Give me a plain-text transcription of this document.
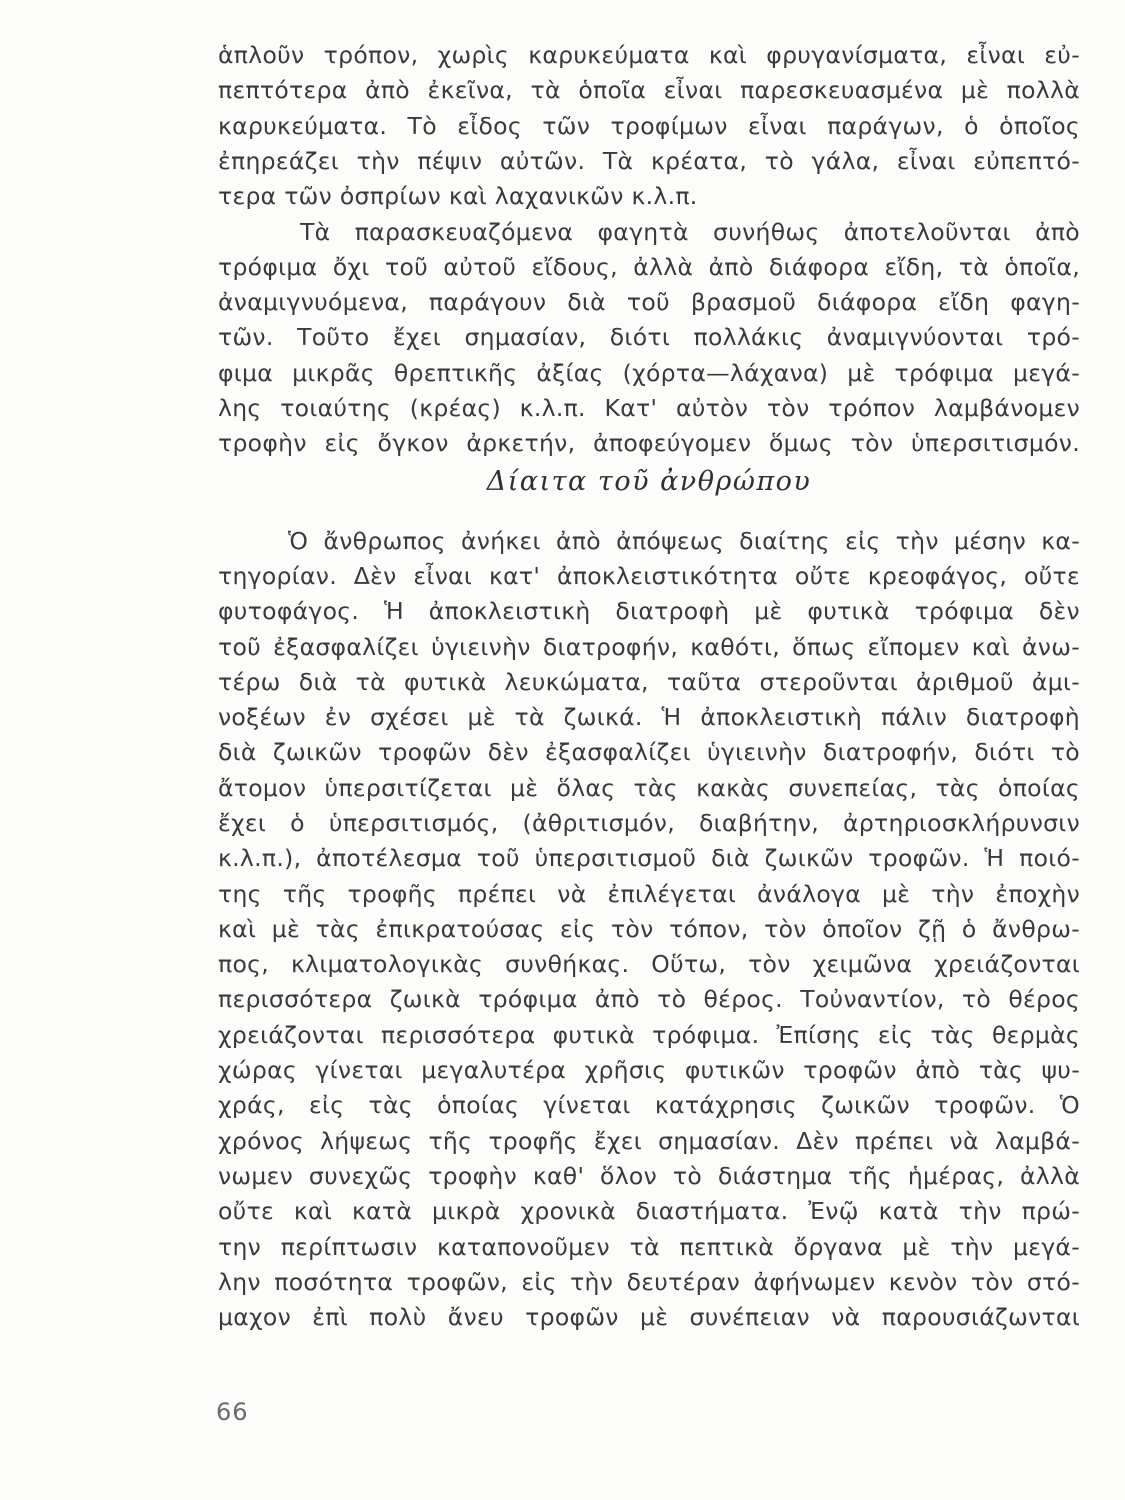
ἁπλοῦν τρόπον, χωρὶς καρυκεύματα καὶ φρυγανίσματα, εἶναι εὐ-
πεπτότερα ἀπὸ ἐκεῖνα, τὰ ὁποῖα εἶναι παρεσκευασμένα μὲ πολλὰ
καρυκεύματα. Τὸ εἶδος τῶν τροφίμων εἶναι παράγων, ὁ ὁποῖος
ἐπηρεάζει τὴν πέψιν αὐτῶν. Τὰ κρέατα, τὸ γάλα, εἶναι εὐπεπτό-
τερα τῶν ὀσπρίων καὶ λαχανικῶν κ.λ.π.
Τὰ παρασκευαζόμενα φαγητὰ συνήθως ἀποτελοῦνται ἀπὸ
τρόφιμα ὄχι τοῦ αὐτοῦ εἴδους, ἀλλὰ ἀπὸ διάφορα εἴδη, τὰ ὁποῖα,
ἀναμιγνυόμενα, παράγουν διὰ τοῦ βρασμοῦ διάφορα εἴδη φαγη-
τῶν. Τοῦτο ἔχει σημασίαν, διότι πολλάκις ἀναμιγνύονται τρό-
φιμα μικρᾶς θρεπτικῆς ἀξίας (χόρτα—λάχανα) μὲ τρόφιμα μεγά-
λης τοιαύτης (κρέας) κ.λ.π. Κατ' αὐτὸν τὸν τρόπον λαμβάνομεν
τροφὴν εἰς ὄγκον ἀρκετήν, ἀποφεύγομεν ὅμως τὸν ὑπερσιτισμόν.
Δίαιτα τοῦ ἀνθρώπου
Ὁ ἄνθρωπος ἀνήκει ἀπὸ ἀπόψεως διαίτης εἰς τὴν μέσην κα-
τηγορίαν. Δὲν εἶναι κατ' ἀποκλειστικότητα οὔτε κρεοφάγος, οὔτε
φυτοφάγος. Ἡ ἀποκλειστικὴ διατροφὴ μὲ φυτικὰ τρόφιμα δὲν
τοῦ ἐξασφαλίζει ὑγιεινὴν διατροφήν, καθότι, ὅπως εἴπομεν καὶ ἀνω-
τέρω διὰ τὰ φυτικὰ λευκώματα, ταῦτα στεροῦνται ἀριθμοῦ ἀμι-
νοξέων ἐν σχέσει μὲ τὰ ζωικά. Ἡ ἀποκλειστικὴ πάλιν διατροφὴ
διὰ ζωικῶν τροφῶν δὲν ἐξασφαλίζει ὑγιεινὴν διατροφήν, διότι τὸ
ἄτομον ὑπερσιτίζεται μὲ ὅλας τὰς κακὰς συνεπείας, τὰς ὁποίας
ἔχει ὁ ὑπερσιτισμός, (ἀθριτισμόν, διαβήτην, ἀρτηριοσκλήρυνσιν
κ.λ.π.), ἀποτέλεσμα τοῦ ὑπερσιτισμοῦ διὰ ζωικῶν τροφῶν. Ἡ ποιό-
της τῆς τροφῆς πρέπει νὰ ἐπιλέγεται ἀνάλογα μὲ τὴν ἐποχὴν
καὶ μὲ τὰς ἐπικρατούσας εἰς τὸν τόπον, τὸν ὁποῖον ζῇ ὁ ἄνθρω-
πος, κλιματολογικὰς συνθήκας. Οὕτω, τὸν χειμῶνα χρειάζονται
περισσότερα ζωικὰ τρόφιμα ἀπὸ τὸ θέρος. Τοὐναντίον, τὸ θέρος
χρειάζονται περισσότερα φυτικὰ τρόφιμα. Ἐπίσης εἰς τὰς θερμὰς
χώρας γίνεται μεγαλυτέρα χρῆσις φυτικῶν τροφῶν ἀπὸ τὰς ψυ-
χράς, εἰς τὰς ὁποίας γίνεται κατάχρησις ζωικῶν τροφῶν. Ὁ
χρόνος λήψεως τῆς τροφῆς ἔχει σημασίαν. Δὲν πρέπει νὰ λαμβά-
νωμεν συνεχῶς τροφὴν καθ' ὅλον τὸ διάστημα τῆς ἡμέρας, ἀλλὰ
οὔτε καὶ κατὰ μικρὰ χρονικὰ διαστήματα. Ἐνῷ κατὰ τὴν πρώ-
την περίπτωσιν καταπονοῦμεν τὰ πεπτικὰ ὄργανα μὲ τὴν μεγά-
λην ποσότητα τροφῶν, εἰς τὴν δευτέραν ἀφήνωμεν κενὸν τὸν στό-
μαχον ἐπὶ πολὺ ἄνευ τροφῶν μὲ συνέπειαν νὰ παρουσιάζωνται
66
